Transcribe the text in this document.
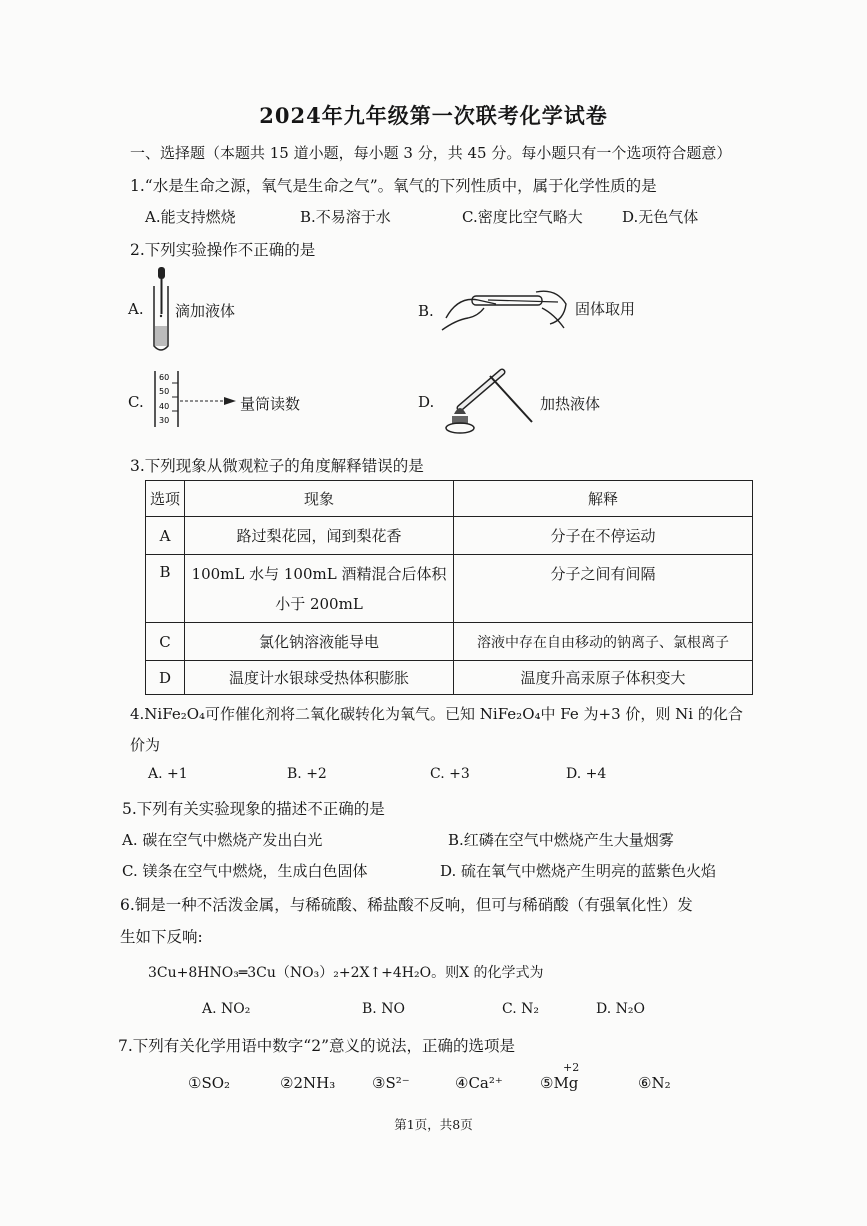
2024年九年级第一次联考化学试卷
一、选择题（本题共 15 道小题，每小题 3 分，共 45 分。每小题只有一个选项符合题意）
1.“水是生命之源，氧气是生命之气”。氧气的下列性质中，属于化学性质的是
A.能支持燃烧	B.不易溶于水	C.密度比空气略大	D.无色气体
2.下列实验操作不正确的是
A. 滴加液体	B.	固体取用
C.
60
50
40
30
量筒读数	D.	加热液体
3.下列现象从微观粒子的角度解释错误的是
选项	现象	解释
A	路过梨花园，闻到梨花香	分子在不停运动
B	100mL 水与 100mL 酒精混合后体积小于 200mL	分子之间有间隔
C	氯化钠溶液能导电	溶液中存在自由移动的钠离子、氯根离子
D	温度计水银球受热体积膨胀	温度升高汞原子体积变大
4.NiFe₂O₄可作催化剂将二氧化碳转化为氧气。已知 NiFe₂O₄中 Fe 为+3 价，则 Ni 的化合
价为
A. +1	B. +2	C. +3	D. +4
5.下列有关实验现象的描述不正确的是
A. 碳在空气中燃烧产发出白光	B.红磷在空气中燃烧产生大量烟雾
C. 镁条在空气中燃烧，生成白色固体	D. 硫在氧气中燃烧产生明亮的蓝紫色火焰
6.铜是一种不活泼金属，与稀硫酸、稀盐酸不反响，但可与稀硝酸（有强氧化性）发
生如下反响:
3Cu+8HNO₃═3Cu（NO₃）₂+2X↑+4H₂O。则X 的化学式为
A. NO₂	B. NO	C. N₂	D. N₂O
7.下列有关化学用语中数字“2”意义的说法，正确的选项是
①SO₂	②2NH₃ ③S²⁻	④Ca²⁺
+2
⑤Mg	⑥N₂
第1页，共8页
